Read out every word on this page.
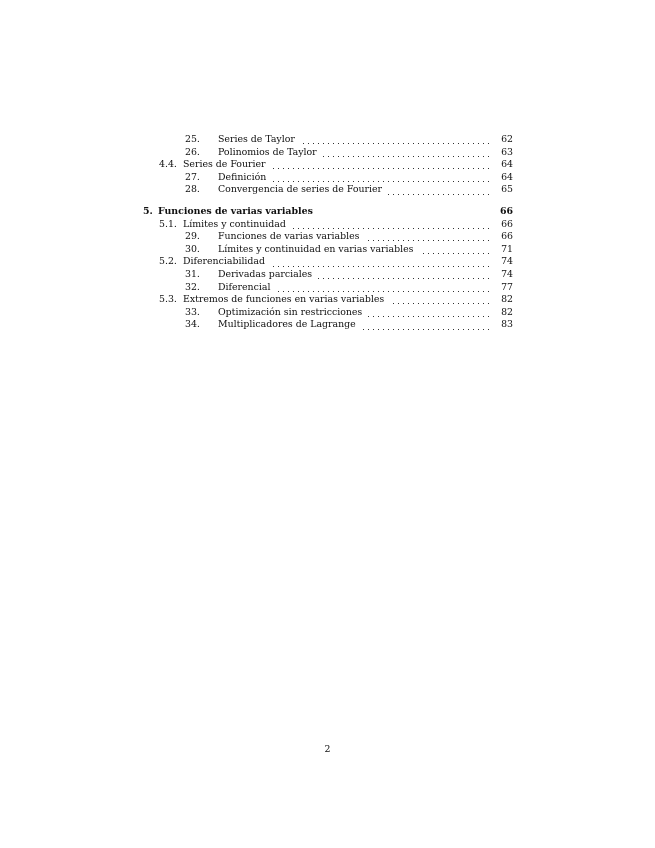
25. Series de Taylor	62
26. Polinomios de Taylor	63
4.4. Series de Fourier	64
27. Definición	64
28. Convergencia de series de Fourier	65
5. Funciones de varias variables	66
5.1. Límites y continuidad	66
29. Funciones de varias variables	66
30. Límites y continuidad en varias variables	71
5.2. Diferenciabilidad	74
31. Derivadas parciales	74
32. Diferencial	77
5.3. Extremos de funciones en varias variables	82
33. Optimización sin restricciones	82
34. Multiplicadores de Lagrange	83
2
